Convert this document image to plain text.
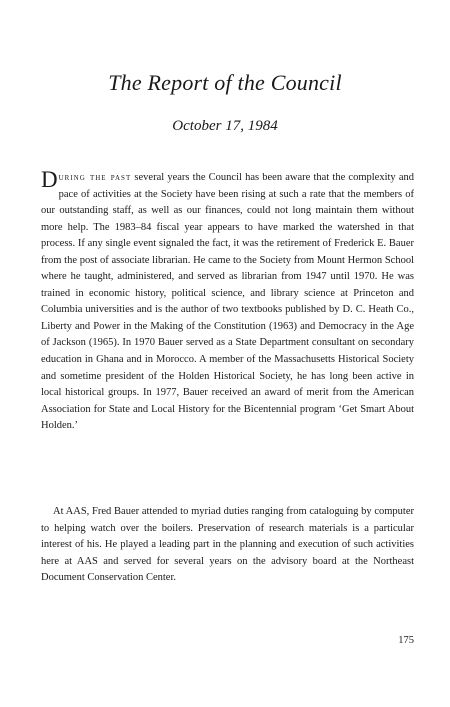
The Report of the Council
October 17, 1984
During the past several years the Council has been aware that the complexity and pace of activities at the Society have been rising at such a rate that the members of our outstanding staff, as well as our finances, could not long maintain them without more help. The 1983–84 fiscal year appears to have marked the watershed in that process. If any single event signaled the fact, it was the retirement of Frederick E. Bauer from the post of associate librarian. He came to the Society from Mount Hermon School where he taught, administered, and served as librarian from 1947 until 1970. He was trained in economic history, political science, and library science at Princeton and Columbia universities and is the author of two textbooks published by D. C. Heath Co., Liberty and Power in the Making of the Constitution (1963) and Democracy in the Age of Jackson (1965). In 1970 Bauer served as a State Department consultant on secondary education in Ghana and in Morocco. A member of the Massachusetts Historical Society and sometime president of the Holden Historical Society, he has long been active in local historical groups. In 1977, Bauer received an award of merit from the American Association for State and Local History for the Bicentennial program ‘Get Smart About Holden.’
At AAS, Fred Bauer attended to myriad duties ranging from cataloguing by computer to helping watch over the boilers. Preservation of research materials is a particular interest of his. He played a leading part in the planning and execution of such activities here at AAS and served for several years on the advisory board at the Northeast Document Conservation Center.
175
